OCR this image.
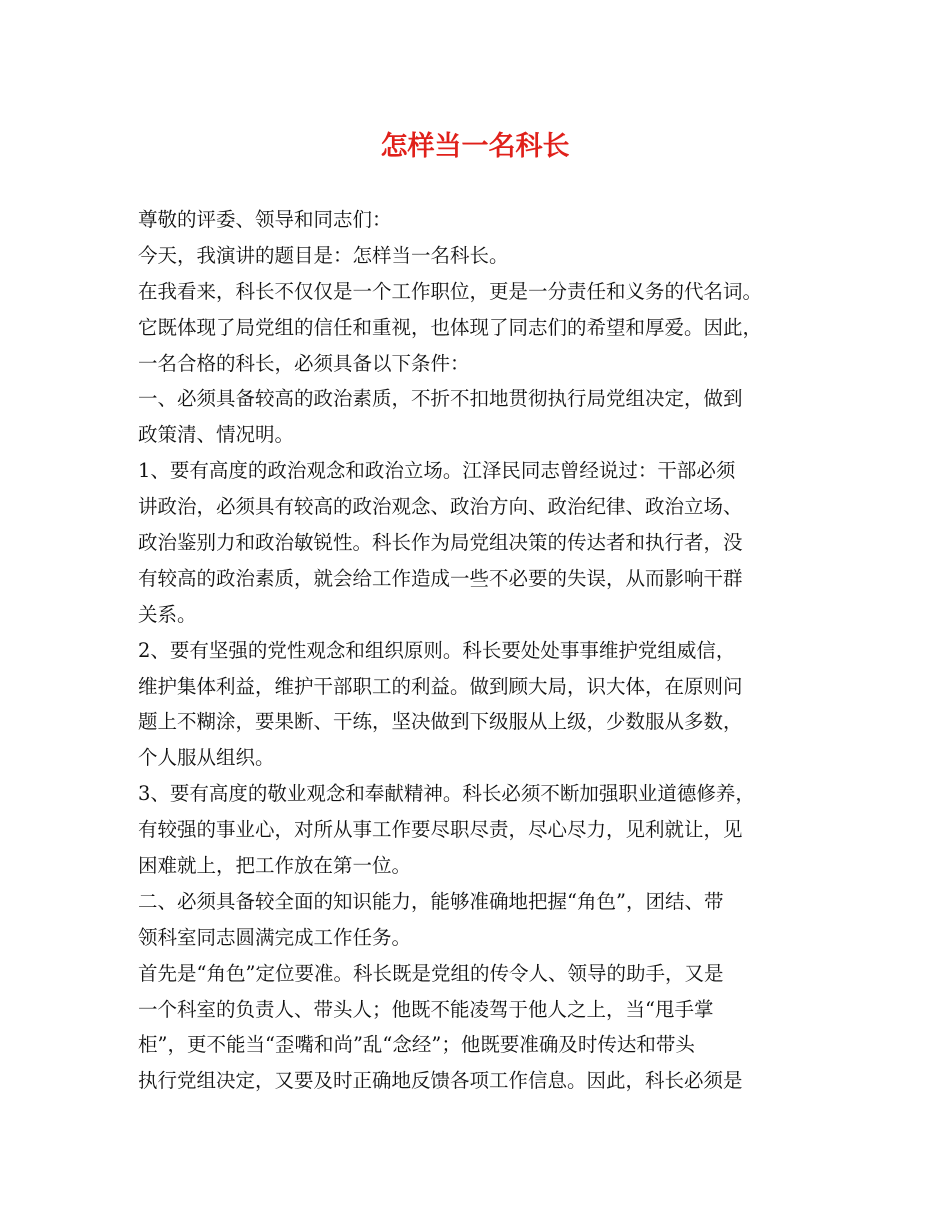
怎样当一名科长

尊敬的评委、领导和同志们：

今天，我演讲的题目是：怎样当一名科长。

在我看来，科长不仅仅是一个工作职位，更是一分责任和义务的代名词。

它既体现了局党组的信任和重视，也体现了同志们的希望和厚爱。因此，

一名合格的科长，必须具备以下条件：

一、必须具备较高的政治素质，不折不扣地贯彻执行局党组决定，做到

政策清、情况明。

1、要有高度的政治观念和政治立场。江泽民同志曾经说过：干部必须

讲政治，必须具有较高的政治观念、政治方向、政治纪律、政治立场、

政治鉴别力和政治敏锐性。科长作为局党组决策的传达者和执行者，没

有较高的政治素质，就会给工作造成一些不必要的失误，从而影响干群

关系。

2、要有坚强的党性观念和组织原则。科长要处处事事维护党组威信，

维护集体利益，维护干部职工的利益。做到顾大局，识大体，在原则问

题上不糊涂，要果断、干练，坚决做到下级服从上级，少数服从多数，

个人服从组织。

3、要有高度的敬业观念和奉献精神。科长必须不断加强职业道德修养，

有较强的事业心，对所从事工作要尽职尽责，尽心尽力，见利就让，见

困难就上，把工作放在第一位。

二、必须具备较全面的知识能力，能够准确地把握“角色”，团结、带

领科室同志圆满完成工作任务。

首先是“角色”定位要准。科长既是党组的传令人、领导的助手，又是

一个科室的负责人、带头人；他既不能凌驾于他人之上，当“甩手掌

柜”，更不能当“歪嘴和尚”乱“念经”；他既要准确及时传达和带头

执行党组决定，又要及时正确地反馈各项工作信息。因此，科长必须是
